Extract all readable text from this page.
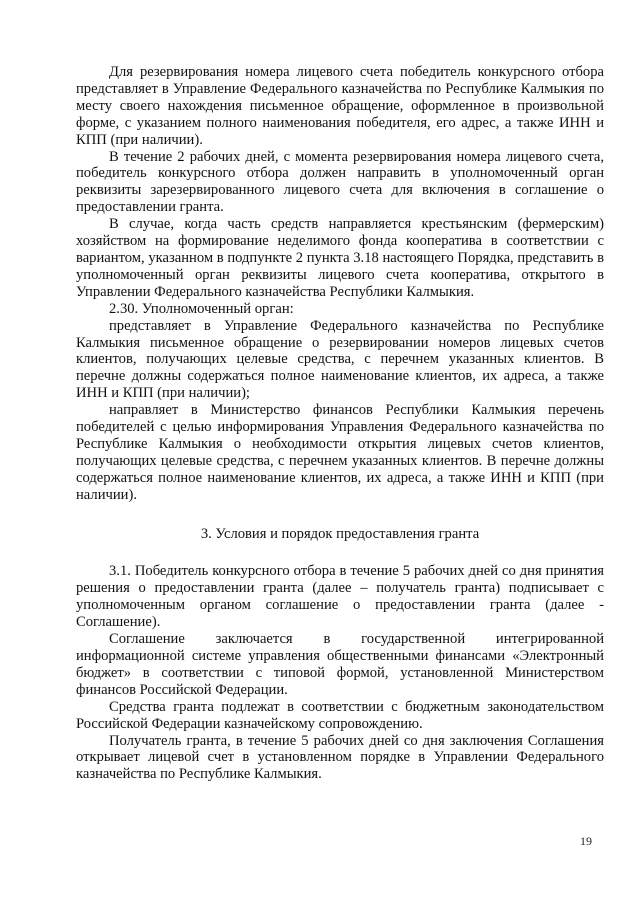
Для резервирования номера лицевого счета победитель конкурсного отбора представляет в Управление Федерального казначейства по Республике Калмыкия по месту своего нахождения письменное обращение, оформленное в произвольной форме, с указанием полного наименования победителя, его адрес, а также ИНН и КПП (при наличии).

В течение 2 рабочих дней, с момента резервирования номера лицевого счета, победитель конкурсного отбора должен направить в уполномоченный орган реквизиты зарезервированного лицевого счета для включения в соглашение о предоставлении гранта.

В случае, когда часть средств направляется крестьянским (фермерским) хозяйством на формирование неделимого фонда кооператива в соответствии с вариантом, указанном в подпункте 2 пункта 3.18 настоящего Порядка, представить в уполномоченный орган реквизиты лицевого счета кооператива, открытого в Управлении Федерального казначейства Республики Калмыкия.

2.30. Уполномоченный орган:

представляет в Управление Федерального казначейства по Республике Калмыкия письменное обращение о резервировании номеров лицевых счетов клиентов, получающих целевые средства, с перечнем указанных клиентов. В перечне должны содержаться полное наименование клиентов, их адреса, а также ИНН и КПП (при наличии);

направляет в Министерство финансов Республики Калмыкия перечень победителей с целью информирования Управления Федерального казначейства по Республике Калмыкия о необходимости открытия лицевых счетов клиентов, получающих целевые средства, с перечнем указанных клиентов. В перечне должны содержаться полное наименование клиентов, их адреса, а также ИНН и КПП (при наличии).

3. Условия и порядок предоставления гранта

3.1. Победитель конкурсного отбора в течение 5 рабочих дней со дня принятия решения о предоставлении гранта (далее – получатель гранта) подписывает с уполномоченным органом соглашение о предоставлении гранта (далее - Соглашение).

Соглашение заключается в государственной интегрированной информационной системе управления общественными финансами «Электронный бюджет» в соответствии с типовой формой, установленной Министерством финансов Российской Федерации.

Средства гранта подлежат в соответствии с бюджетным законодательством Российской Федерации казначейскому сопровождению.

Получатель гранта, в течение 5 рабочих дней со дня заключения Соглашения открывает лицевой счет в установленном порядке в Управлении Федерального казначейства по Республике Калмыкия.

19
